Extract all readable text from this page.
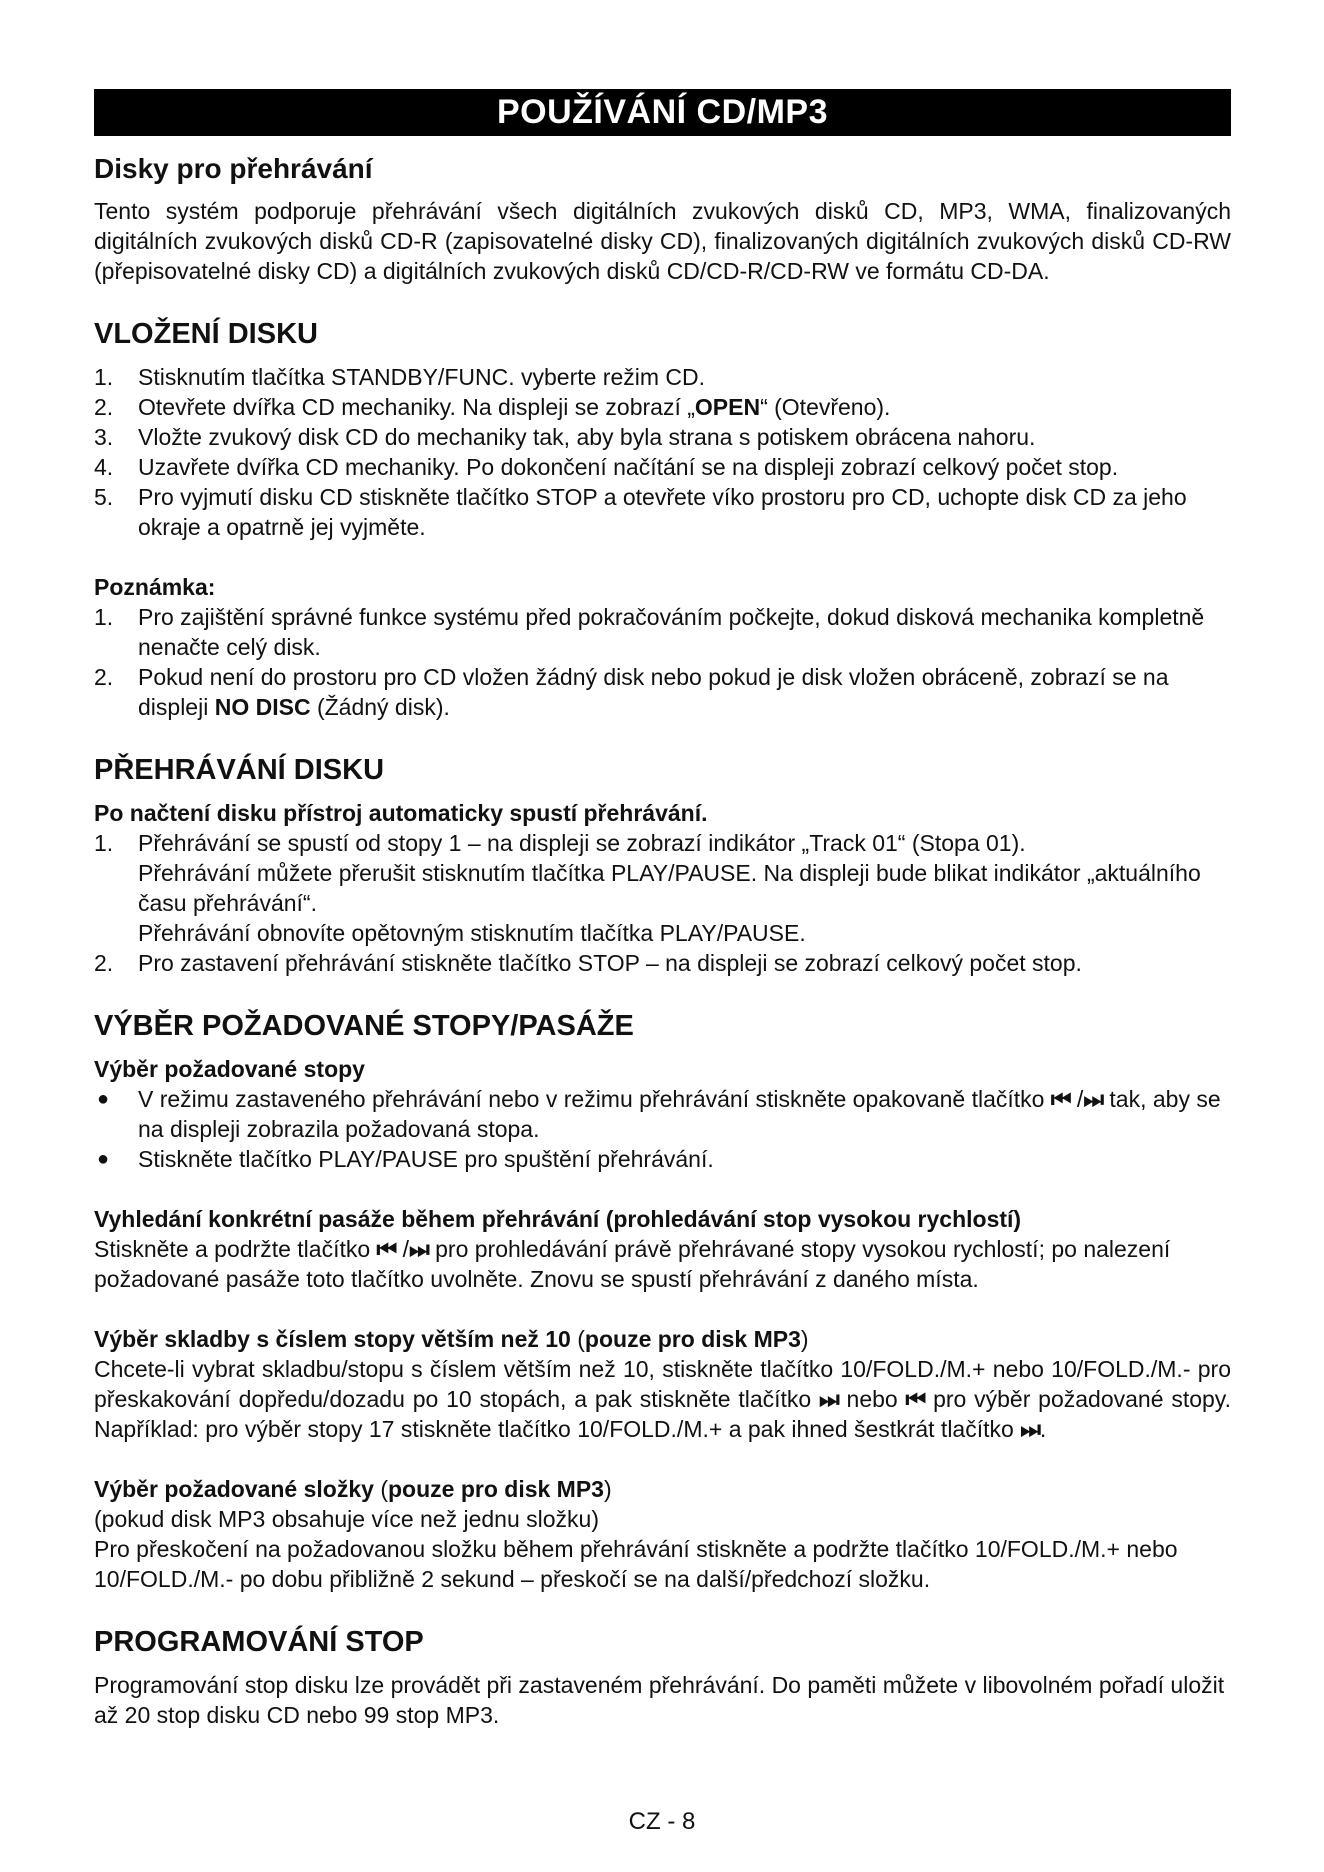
POUŽÍVÁNÍ CD/MP3
Disky pro přehrávání

Tento systém podporuje přehrávání všech digitálních zvukových disků CD, MP3, WMA, finalizovaných digitálních zvukových disků CD-R (zapisovatelné disky CD), finalizovaných digitálních zvukových disků CD-RW (přepisovatelné disky CD) a digitálních zvukových disků CD/CD-R/CD-RW ve formátu CD-DA.

VLOŽENÍ DISKU
1. Stisknutím tlačítka STANDBY/FUNC. vyberte režim CD.
2. Otevřete dvířka CD mechaniky. Na displeji se zobrazí „OPEN“ (Otevřeno).
3. Vložte zvukový disk CD do mechaniky tak, aby byla strana s potiskem obrácena nahoru.
4. Uzavřete dvířka CD mechaniky. Po dokončení načítání se na displeji zobrazí celkový počet stop.
5. Pro vyjmutí disku CD stiskněte tlačítko STOP a otevřete víko prostoru pro CD, uchopte disk CD za jeho okraje a opatrně jej vyjměte.
Poznámka:
1. Pro zajištění správné funkce systému před pokračováním počkejte, dokud disková mechanika kompletně nenačte celý disk.
2. Pokud není do prostoru pro CD vložen žádný disk nebo pokud je disk vložen obráceně, zobrazí se na displeji NO DISC (Žádný disk).
PŘEHRÁVÁNÍ DISKU
Po načtení disku přístroj automaticky spustí přehrávání.
1. Přehrávání se spustí od stopy 1 – na displeji se zobrazí indikátor „Track 01“ (Stopa 01).
Přehrávání můžete přerušit stisknutím tlačítka PLAY/PAUSE. Na displeji bude blikat indikátor „aktuálního času přehrávání“.
Přehrávání obnovíte opětovným stisknutím tlačítka PLAY/PAUSE.
2. Pro zastavení přehrávání stiskněte tlačítko STOP – na displeji se zobrazí celkový počet stop.
VÝBĚR POŽADOVANÉ STOPY/PASÁŽE
Výběr požadované stopy
● V režimu zastaveného přehrávání nebo v režimu přehrávání stiskněte opakovaně tlačítko ⏮ /⏭ tak, aby se na displeji zobrazila požadovaná stopa.
● Stiskněte tlačítko PLAY/PAUSE pro spuštění přehrávání.
Vyhledání konkrétní pasáže během přehrávání (prohledávání stop vysokou rychlostí)

Stiskněte a podržte tlačítko ⏮ /⏭ pro prohledávání právě přehrávané stopy vysokou rychlostí; po nalezení požadované pasáže toto tlačítko uvolněte. Znovu se spustí přehrávání z daného místa.

Výběr skladby s číslem stopy větším než 10 (pouze pro disk MP3)

Chcete-li vybrat skladbu/stopu s číslem větším než 10, stiskněte tlačítko 10/FOLD./M.+ nebo 10/FOLD./M.- pro přeskakování dopředu/dozadu po 10 stopách, a pak stiskněte tlačítko ⏭ nebo ⏮ pro výběr požadované stopy. Například: pro výběr stopy 17 stiskněte tlačítko 10/FOLD./M.+ a pak ihned šestkrát tlačítko ⏭.

Výběr požadované složky (pouze pro disk MP3)

(pokud disk MP3 obsahuje více než jednu složku)

Pro přeskočení na požadovanou složku během přehrávání stiskněte a podržte tlačítko 10/FOLD./M.+ nebo 10/FOLD./M.- po dobu přibližně 2 sekund – přeskočí se na další/předchozí složku.

PROGRAMOVÁNÍ STOP

Programování stop disku lze provádět při zastaveném přehrávání. Do paměti můžete v libovolném pořadí uložit až 20 stop disku CD nebo 99 stop MP3.

CZ - 8
